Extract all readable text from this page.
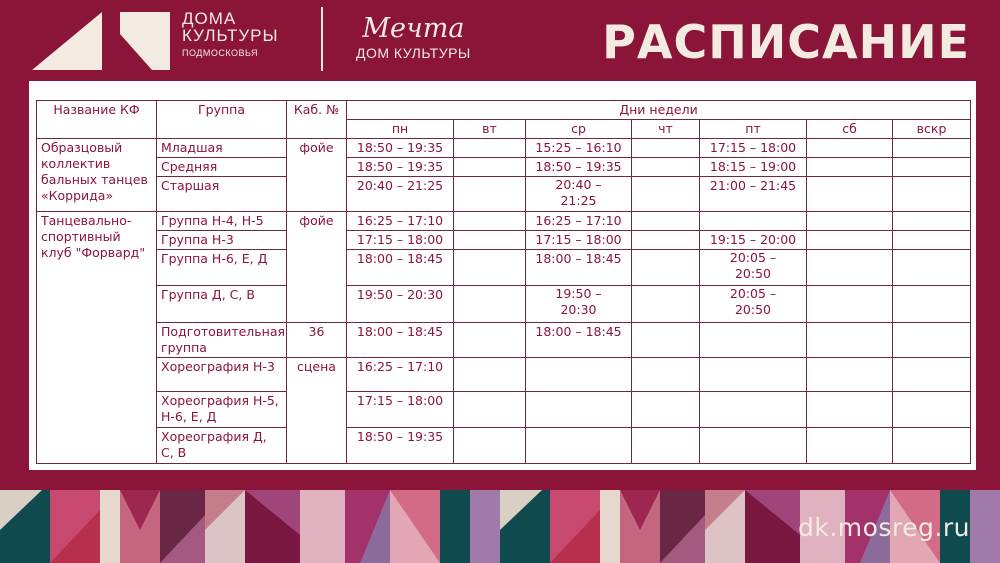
ДОМА
КУЛЬТУРЫ
ПОДМОСКОВЬЯ
Мечта
ДОМ КУЛЬТУРЫ	РАСПИСАНИЕ
Название КФ	Группа	Каб. №	Дни недели						
			пн	вт	ср	чт	пт	сб	вскр
Образцовый коллектив бальных танцев «Коррида»	Младшая	фойе	18:50 – 19:35		15:25 – 16:10		17:15 – 18:00		
	Средняя		18:50 – 19:35		18:50 – 19:35		18:15 – 19:00		
	Старшая		20:40 – 21:25		20:40 – 21:25		21:00 – 21:45		
Танцевально-спортивный клуб "Форвард"	Группа Н-4, Н-5	фойе	16:25 – 17:10		16:25 – 17:10				
	Группа Н-3		17:15 – 18:00		17:15 – 18:00		19:15 – 20:00		
	Группа Н-6, Е, Д		18:00 – 18:45		18:00 – 18:45		20:05 – 20:50		
	Группа Д, С, В		19:50 – 20:30		19:50 – 20:30		20:05 – 20:50		
	Подготовительная группа	36	18:00 – 18:45		18:00 – 18:45				
	Хореография Н-3	сцена	16:25 – 17:10						
	Хореография Н-5, Н-6, Е, Д		17:15 – 18:00						
	Хореография Д, С, В		18:50 – 19:35						
dk.mosreg.ru
